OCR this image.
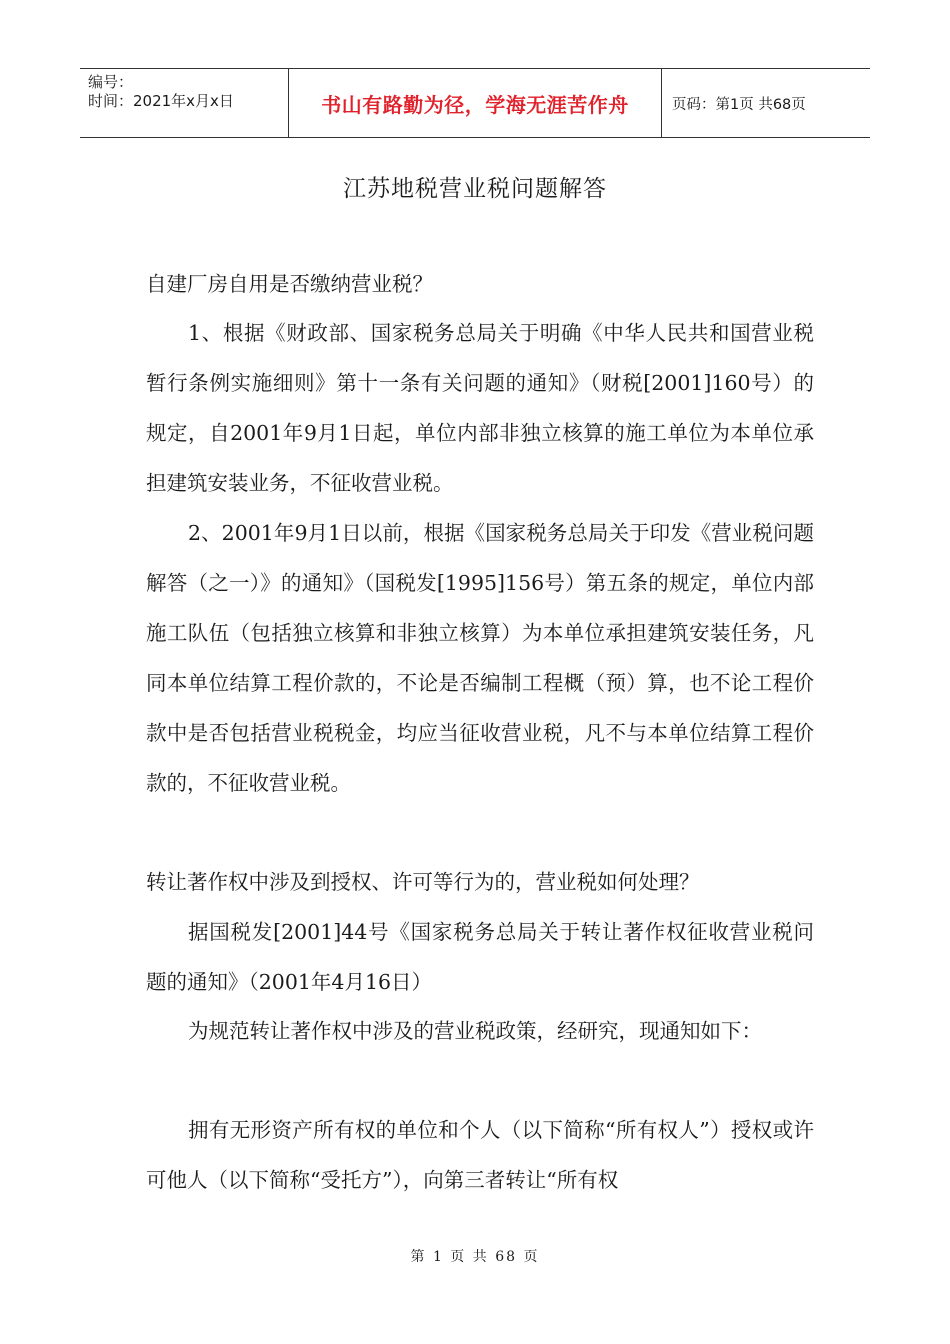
编号：
时间：2021年x月x日	书山有路勤为径，学海无涯苦作舟	页码：第1页 共68页
江苏地税营业税问题解答
自建厂房自用是否缴纳营业税？
1、根据《财政部、国家税务总局关于明确《中华人民共和国营业税暂行条例实施细则》第十一条有关问题的通知》（财税[2001]160号）的规定，自2001年9月1日起，单位内部非独立核算的施工单位为本单位承担建筑安装业务，不征收营业税。
2、2001年9月1日以前，根据《国家税务总局关于印发《营业税问题解答（之一）》的通知》（国税发[1995]156号）第五条的规定，单位内部施工队伍（包括独立核算和非独立核算）为本单位承担建筑安装任务，凡同本单位结算工程价款的，不论是否编制工程概（预）算，也不论工程价款中是否包括营业税税金，均应当征收营业税，凡不与本单位结算工程价款的，不征收营业税。
转让著作权中涉及到授权、许可等行为的，营业税如何处理？
据国税发[2001]44号《国家税务总局关于转让著作权征收营业税问题的通知》（2001年4月16日）
为规范转让著作权中涉及的营业税政策，经研究，现通知如下：
拥有无形资产所有权的单位和个人（以下简称“所有权人”）授权或许可他人（以下简称“受托方”），向第三者转让“所有权
第 1 页 共 68 页
